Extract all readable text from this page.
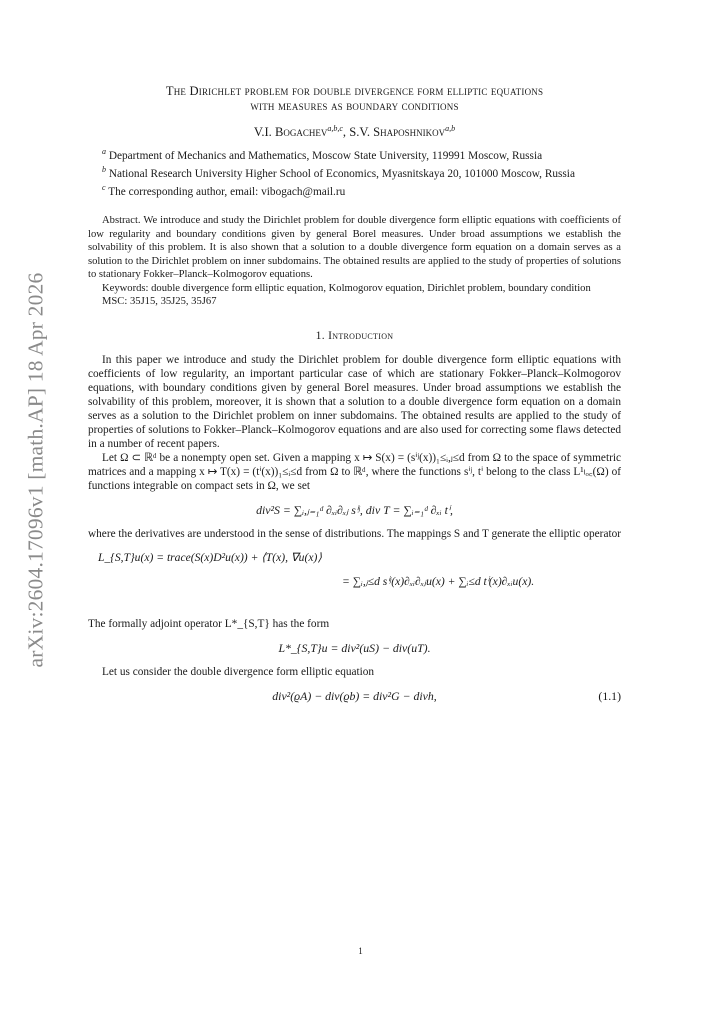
arXiv:2604.17096v1 [math.AP] 18 Apr 2026
The Dirichlet problem for double divergence form elliptic equations
with measures as boundary conditions
V.I. Bogachev$^{a,b,c}$, S.V. Shaposhnikov$^{a,b}$

$^a$ Department of Mechanics and Mathematics, Moscow State University, 119991 Moscow, Russia

$^b$ National Research University Higher School of Economics, Myasnitskaya 20, 101000 Moscow, Russia

$^c$ The corresponding author, email: vibogach@mail.ru

Abstract. We introduce and study the Dirichlet problem for double divergence form elliptic equations with coefficients of low regularity and boundary conditions given by general Borel measures. Under broad assumptions we establish the solvability of this problem. It is also shown that a solution to a double divergence form equation on a domain serves as a solution to the Dirichlet problem on inner subdomains. The obtained results are applied to the study of properties of solutions to stationary Fokker–Planck–Kolmogorov equations.

Keywords: double divergence form elliptic equation, Kolmogorov equation, Dirichlet problem, boundary condition

MSC: 35J15, 35J25, 35J67

1. Introduction

In this paper we introduce and study the Dirichlet problem for double divergence form elliptic equations with coefficients of low regularity, an important particular case of which are stationary Fokker–Planck–Kolmogorov equations, with boundary conditions given by general Borel measures. Under broad assumptions we establish the solvability of this problem, moreover, it is shown that a solution to a double divergence form equation on a domain serves as a solution to the Dirichlet problem on inner subdomains. The obtained results are applied to the study of properties of solutions to Fokker–Planck–Kolmogorov equations and are also used for correcting some flaws detected in a number of recent papers.

Let Ω ⊂ ℝᵈ be a nonempty open set. Given a mapping x ↦ S(x) = (sⁱʲ(x))₁≤ᵢ,ⱼ≤d from Ω to the space of symmetric matrices and a mapping x ↦ T(x) = (tⁱ(x))₁≤ᵢ≤d from Ω to ℝᵈ, where the functions sⁱʲ, tⁱ belong to the class L¹ₗₒ꜀(Ω) of functions integrable on compact sets in Ω, we set

div²S = ∑ᵢ,ⱼ₌₁ᵈ ∂ₓᵢ∂ₓⱼ sⁱʲ, div T = ∑ᵢ₌₁ᵈ ∂ₓᵢ tⁱ,

where the derivatives are understood in the sense of distributions. The mappings S and T generate the elliptic operator

L_{S,T}u(x) = trace(S(x)D²u(x)) + ⟨T(x), ∇u(x)⟩
= ∑ᵢ,ⱼ≤d sⁱʲ(x)∂ₓᵢ∂ₓⱼu(x) + ∑ᵢ≤d tⁱ(x)∂ₓᵢu(x).

The formally adjoint operator L*_{S,T} has the form

L*_{S,T}u = div²(uS) − div(uT).

Let us consider the double divergence form elliptic equation

div²(ϱA) − div(ϱb) = div²G − divh,	(1.1)
1
